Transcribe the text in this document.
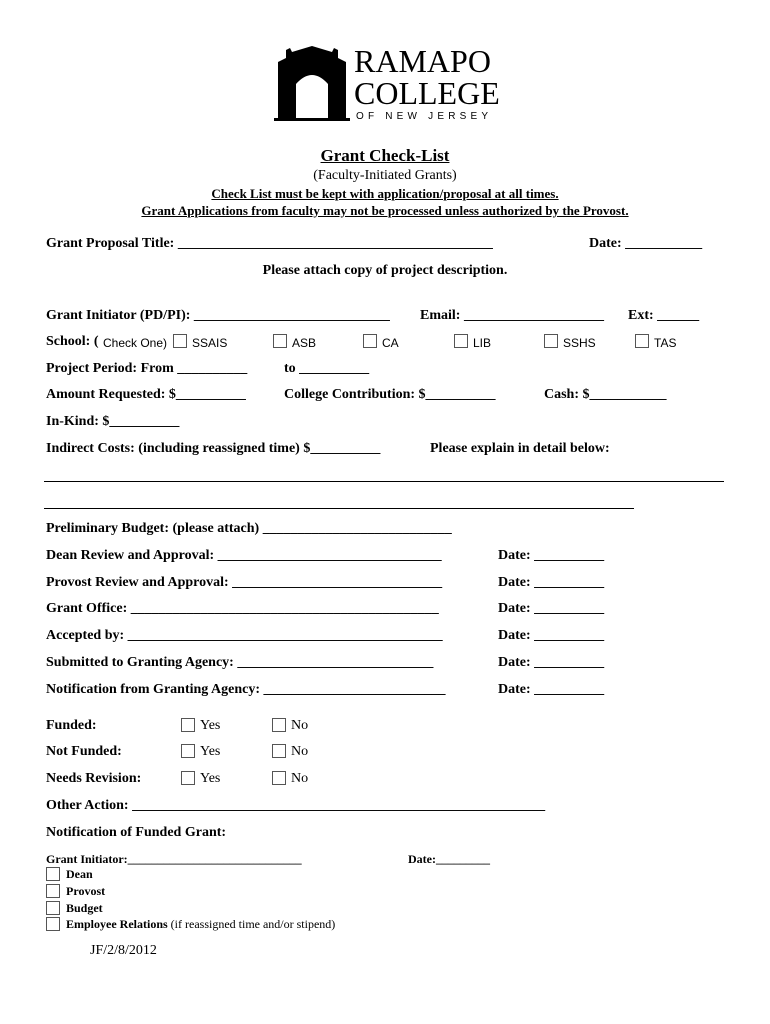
RAMAPO
COLLEGE
OF NEW JERSEY
Grant Check-List
(Faculty-Initiated Grants)
Check List must be kept with application/proposal at all times.
Grant Applications from faculty may not be processed unless authorized by the Provost.
Grant Proposal Title: _____________________________________________	Date: ___________
Please attach copy of project description.
Grant Initiator (PD/PI): ____________________________ Email: ____________________ Ext: ______
School: ( Check One) SSAIS	ASB	CA	LIB	SSHS	TAS
Project Period: From __________	to __________
Amount Requested: $__________	College Contribution: $__________	Cash: $___________
In-Kind: $__________
Indirect Costs: (including reassigned time) $__________	Please explain in detail below:
Preliminary Budget: (please attach) ___________________________
Dean Review and Approval: ________________________________	Date: __________
Provost Review and Approval: ______________________________	Date: __________
Grant Office: ____________________________________________	Date: __________
Accepted by: _____________________________________________	Date: __________
Submitted to Granting Agency: ____________________________	Date: __________
Notification from Granting Agency: __________________________	Date: __________
Funded:	Yes	No
Not Funded:	Yes	No
Needs Revision:	Yes	No
Other Action: ___________________________________________________________
Notification of Funded Grant:
Grant Initiator:_____________________________	Date:_________
Dean
Provost
Budget
Employee Relations (if reassigned time and/or stipend)
JF/2/8/2012
